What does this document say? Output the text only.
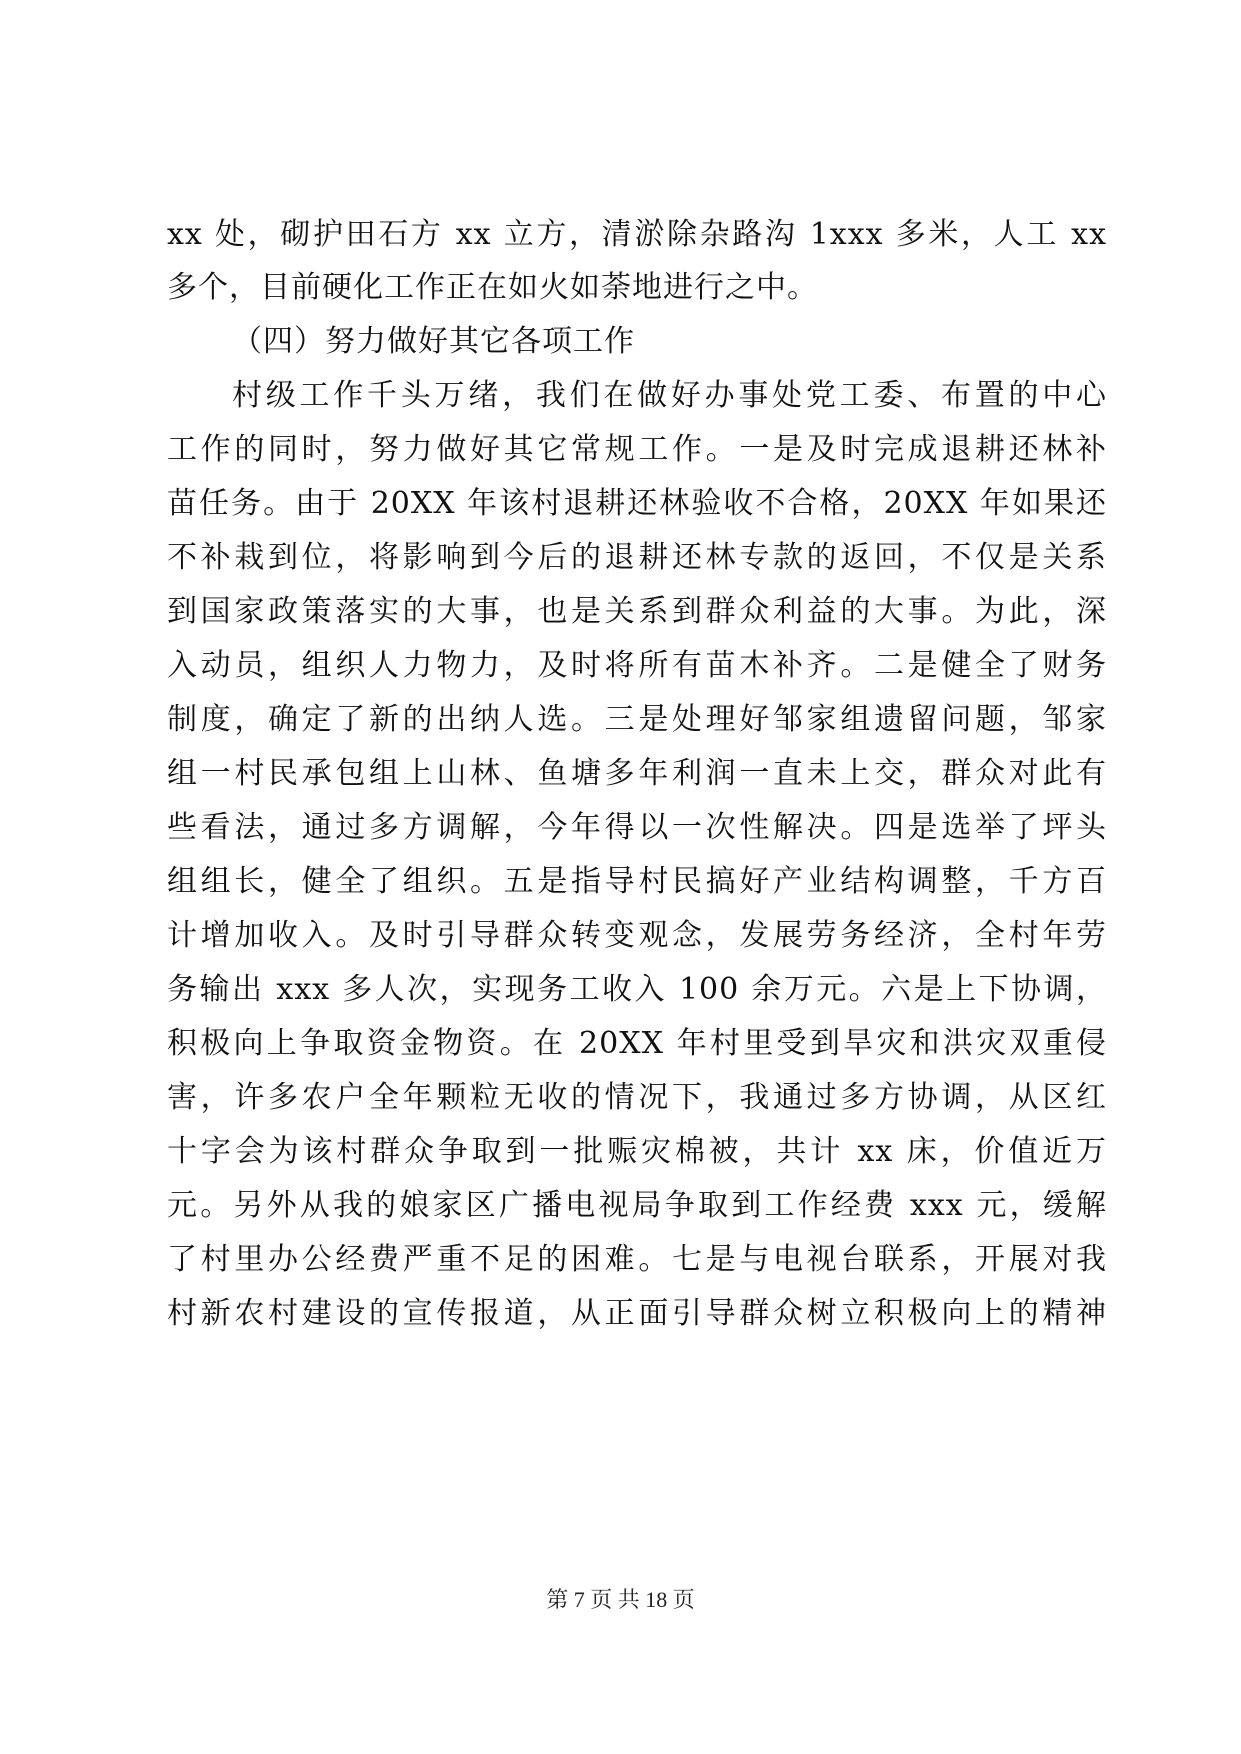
xx 处，砌护田石方 xx 立方，清淤除杂路沟 1xxx 多米，人工 xx
多个，目前硬化工作正在如火如荼地进行之中。
（四）努力做好其它各项工作
村级工作千头万绪，我们在做好办事处党工委、布置的中心
工作的同时，努力做好其它常规工作。一是及时完成退耕还林补
苗任务。由于 20XX 年该村退耕还林验收不合格，20XX 年如果还
不补栽到位，将影响到今后的退耕还林专款的返回，不仅是关系
到国家政策落实的大事，也是关系到群众利益的大事。为此，深
入动员，组织人力物力，及时将所有苗木补齐。二是健全了财务
制度，确定了新的出纳人选。三是处理好邹家组遗留问题，邹家
组一村民承包组上山林、鱼塘多年利润一直未上交，群众对此有
些看法，通过多方调解，今年得以一次性解决。四是选举了坪头
组组长，健全了组织。五是指导村民搞好产业结构调整，千方百
计增加收入。及时引导群众转变观念，发展劳务经济，全村年劳
务输出 xxx 多人次，实现务工收入 100 余万元。六是上下协调，
积极向上争取资金物资。在 20XX 年村里受到旱灾和洪灾双重侵
害，许多农户全年颗粒无收的情况下，我通过多方协调，从区红
十字会为该村群众争取到一批赈灾棉被，共计 xx 床，价值近万
元。另外从我的娘家区广播电视局争取到工作经费 xxx 元，缓解
了村里办公经费严重不足的困难。七是与电视台联系，开展对我
村新农村建设的宣传报道，从正面引导群众树立积极向上的精神
第 7 页 共 18 页
